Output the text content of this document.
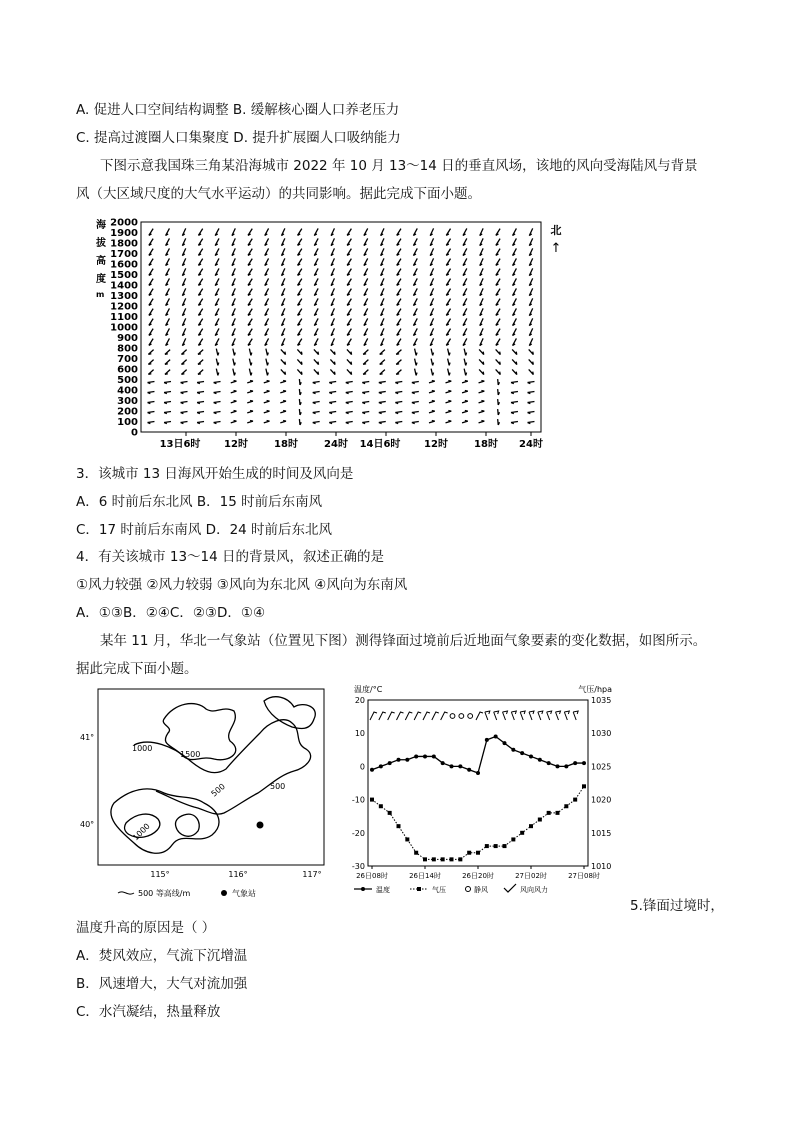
A. 促进人口空间结构调整 B. 缓解核心圈人口养老压力
C. 提高过渡圈人口集聚度 D. 提升扩展圈人口吸纳能力
下图示意我国珠三角某沿海城市 2022 年 10 月 13～14 日的垂直风场，该地的风向受海陆风与背景
风（大区域尺度的大气水平运动）的共同影响。据此完成下面小题。
海
拔
高
度
m
2000
1900
1800
1700
1600
1500
1400
1300
1200
1100
1000
900
800
700
600
500
400
300
200
100
0
13日6时 12时	18时	24时 14日6时 12时	18时 24时
北
↑
3．该城市 13 日海风开始生成的时间及风向是
A．6 时前后东北风 B．15 时前后东南风
C．17 时前后东南风 D．24 时前后东北风
4．有关该城市 13～14 日的背景风，叙述正确的是
①风力较强 ②风力较弱 ③风向为东北风 ④风向为东南风
A．①③B．②④C．②③D．①④
某年 11 月，华北一气象站（位置见下图）测得锋面过境前后近地面气象要素的变化数据，如图所示。
据此完成下面小题。
1000
1500
500	500
1000
41°
40°
115°	116°	117°
500 等高线/m	气象站
温度/°C	气压/hpa
20
10
0
-10
-20
-30
1035
1030
1025
1020
1015
1010
26日08时	26日14时	26日20时	27日02时	27日08时
温度	气压	静风	风向风力
5.锋面过境时，
温度升高的原因是（ ）
A．焚风效应，气流下沉增温
B．风速增大，大气对流加强
C．水汽凝结，热量释放
